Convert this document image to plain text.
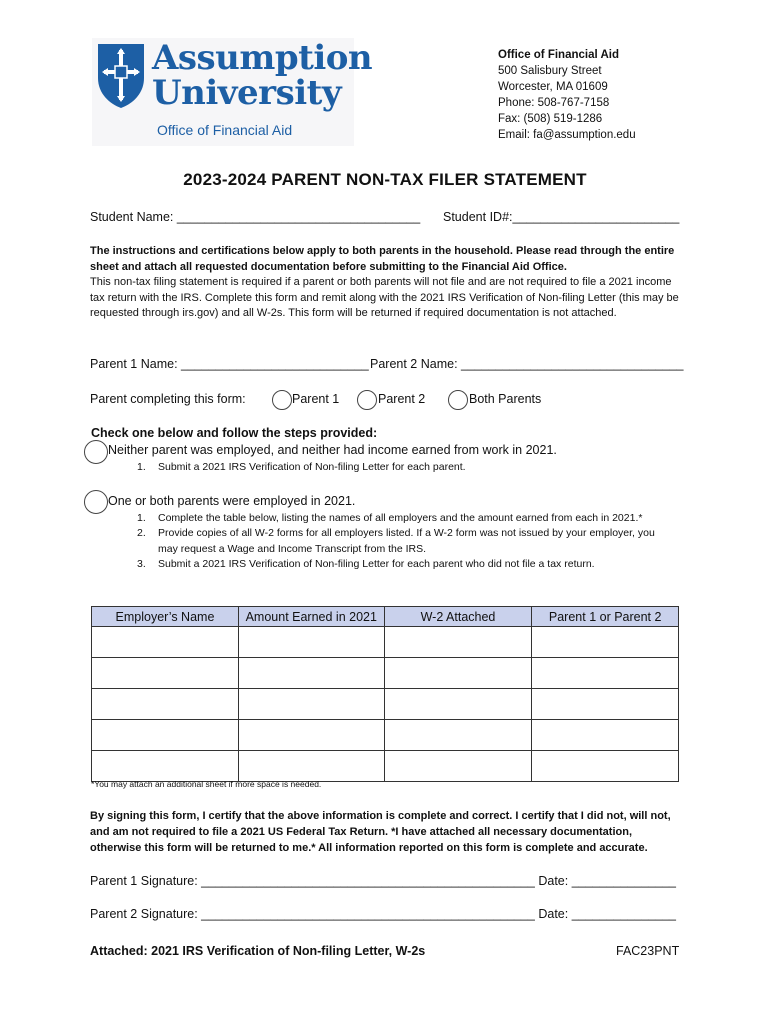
Assumption
University
Office of Financial Aid
Office of Financial Aid
500 Salisbury Street
Worcester, MA 01609
Phone: 508-767-7158
Fax: (508) 519-1286
Email: fa@assumption.edu
2023-2024 PARENT NON-TAX FILER STATEMENT
Student Name: ___________________________________ Student ID#:________________________
The instructions and certifications below apply to both parents in the household. Please read through the entire sheet and attach all requested documentation before submitting to the Financial Aid Office.
This non-tax filing statement is required if a parent or both parents will not file and are not required to file a 2021 income tax return with the IRS. Complete this form and remit along with the 2021 IRS Verification of Non-filing Letter (this may be requested through irs.gov) and all W-2s. This form will be returned if required documentation is not attached.
Parent 1 Name: ___________________________ Parent 2 Name: ________________________________
Parent completing this form:	Parent 1	Parent 2	Both Parents
Check one below and follow the steps provided:
Neither parent was employed, and neither had income earned from work in 2021.
1. Submit a 2021 IRS Verification of Non-filing Letter for each parent.
One or both parents were employed in 2021.
1.	Complete the table below, listing the names of all employers and the amount earned from each in 2021.*
2.	Provide copies of all W-2 forms for all employers listed. If a W-2 form was not issued by your employer, you may request a Wage and Income Transcript from the IRS.
3.	Submit a 2021 IRS Verification of Non-filing Letter for each parent who did not file a tax return.
Employer’s Name	Amount Earned in 2021	W-2 Attached	Parent 1 or Parent 2

*You may attach an additional sheet if more space is needed.
By signing this form, I certify that the above information is complete and correct. I certify that I did not, will not, and am not required to file a 2021 US Federal Tax Return. *I have attached all necessary documentation, otherwise this form will be returned to me.* All information reported on this form is complete and accurate.
Parent 1 Signature: ________________________________________________ Date: _______________
Parent 2 Signature: ________________________________________________ Date: _______________
Attached: 2021 IRS Verification of Non-filing Letter, W-2s	FAC23PNT
